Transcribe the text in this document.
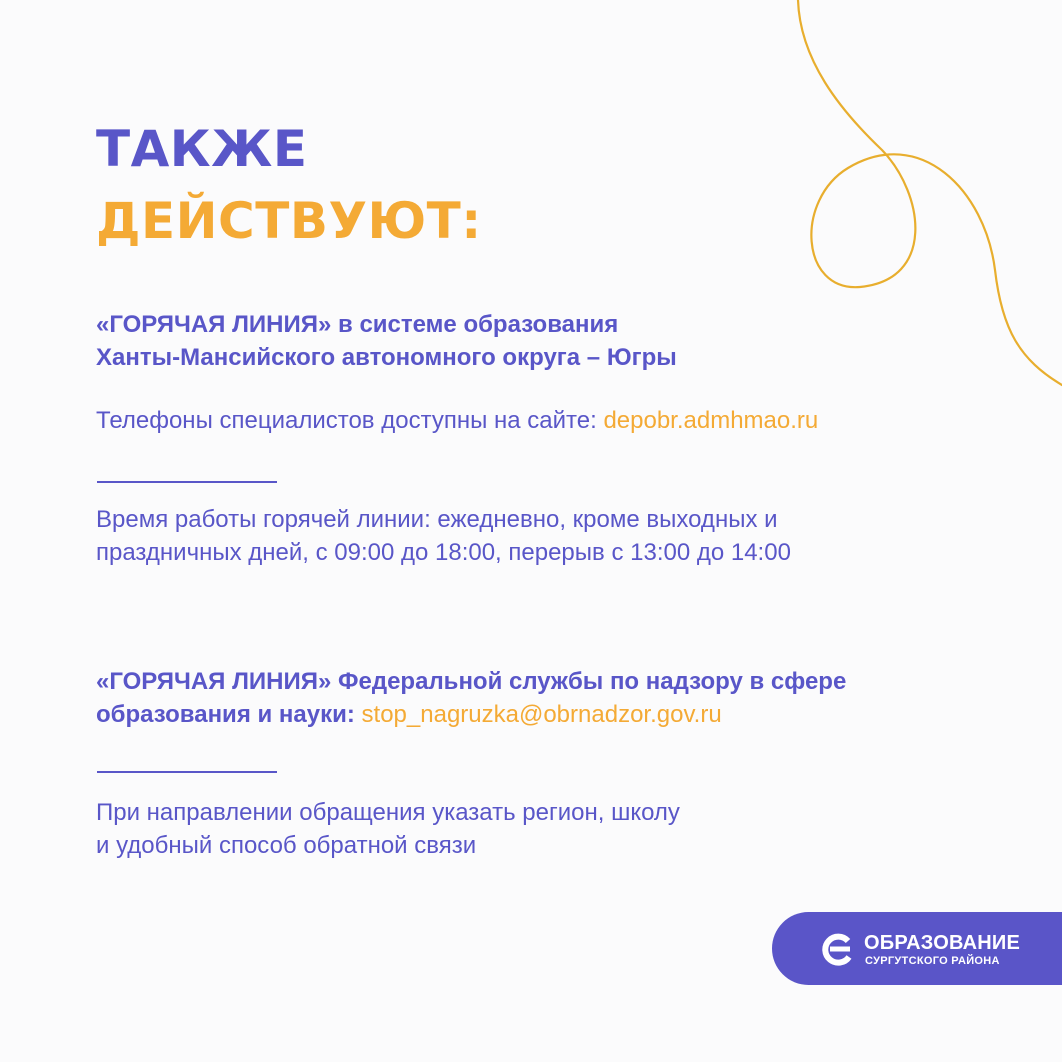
ТАКЖЕ
ДЕЙСТВУЮТ:
«ГОРЯЧАЯ ЛИНИЯ» в системе образования
Ханты-Мансийского автономного округа – Югры
Телефоны специалистов доступны на сайте: depobr.admhmao.ru
Время работы горячей линии: ежедневно, кроме выходных и
праздничных дней, с 09:00 до 18:00, перерыв с 13:00 до 14:00
«ГОРЯЧАЯ ЛИНИЯ» Федеральной службы по надзору в сфере
образования и науки: stop_nagruzka@obrnadzor.gov.ru
При направлении обращения указать регион, школу
и удобный способ обратной связи
ОБРАЗОВАНИЕ
СУРГУТСКОГО РАЙОНА
